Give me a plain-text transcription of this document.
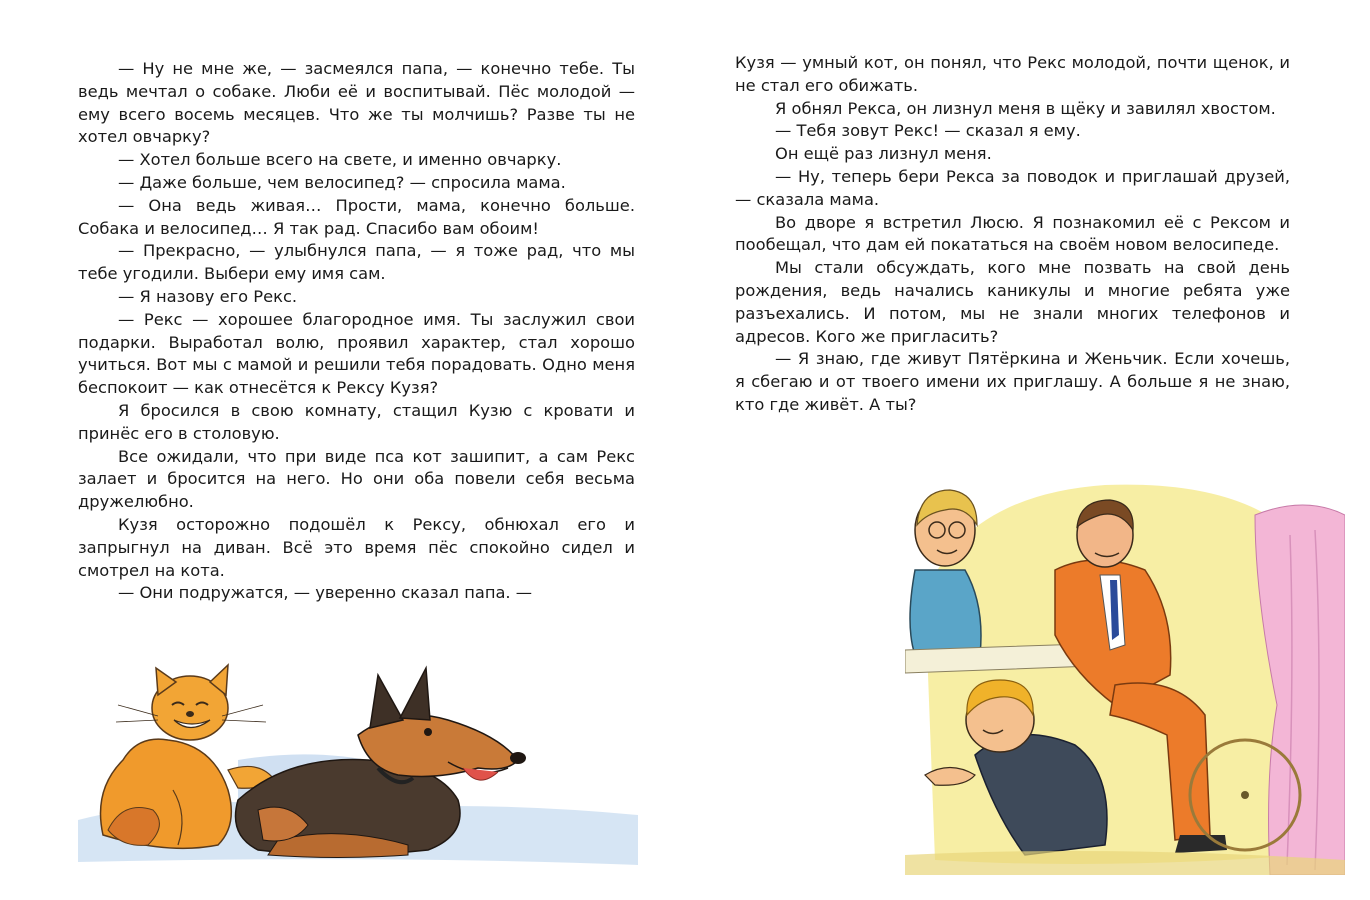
— Ну не мне же, — засмеялся папа, — конечно тебе. Ты ведь мечтал о собаке. Люби её и воспитывай. Пёс молодой — ему всего восемь месяцев. Что же ты молчишь? Разве ты не хотел овчарку?

— Хотел больше всего на свете, и именно овчарку.

— Даже больше, чем велосипед? — спросила мама.

— Она ведь живая… Прости, мама, конечно больше. Собака и велосипед… Я так рад. Спасибо вам обоим!

— Прекрасно, — улыбнулся папа, — я тоже рад, что мы тебе угодили. Выбери ему имя сам.

— Я назову его Рекс.

— Рекс — хорошее благородное имя. Ты заслужил свои подарки. Выработал волю, проявил характер, стал хорошо учиться. Вот мы с мамой и решили тебя порадовать. Одно меня беспокоит — как отнесётся к Рексу Кузя?

Я бросился в свою комнату, стащил Кузю с кровати и принёс его в столовую.

Все ожидали, что при виде пса кот зашипит, а сам Рекс залает и бросится на него. Но они оба повели себя весьма дружелюбно.

Кузя осторожно подошёл к Рексу, обнюхал его и запрыгнул на диван. Всё это время пёс спокойно сидел и смотрел на кота.

— Они подружатся, — уверенно сказал папа. —

Кузя — умный кот, он понял, что Рекс молодой, почти щенок, и не стал его обижать.

Я обнял Рекса, он лизнул меня в щёку и завилял хвостом.

— Тебя зовут Рекс! — сказал я ему.

Он ещё раз лизнул меня.

— Ну, теперь бери Рекса за поводок и приглашай друзей, — сказала мама.

Во дворе я встретил Люсю. Я познакомил её с Рексом и пообещал, что дам ей покататься на своём новом велосипеде.

Мы стали обсуждать, кого мне позвать на свой день рождения, ведь начались каникулы и многие ребята уже разъехались. И потом, мы не знали многих телефонов и адресов. Кого же пригласить?

— Я знаю, где живут Пятёркина и Женьчик. Если хочешь, я сбегаю и от твоего имени их приглашу. А больше я не знаю, кто где живёт. А ты?
